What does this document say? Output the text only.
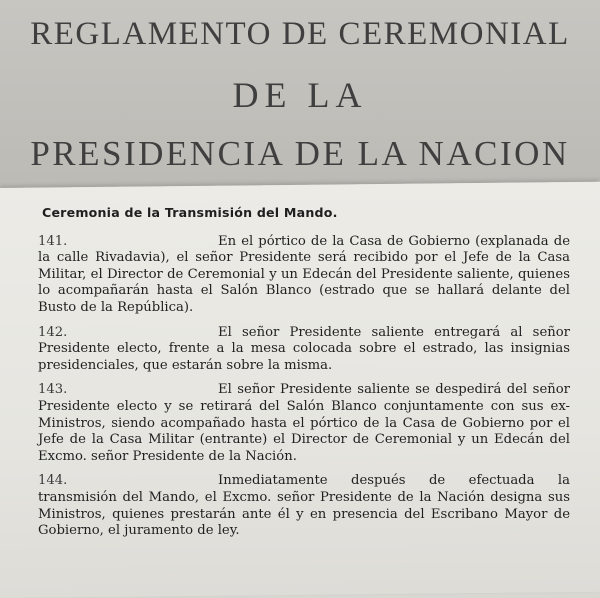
REGLAMENTO DE CEREMONIAL
DE LA
PRESIDENCIA DE LA NACION
Ceremonia de la Transmisión del Mando.
141.	En el pórtico de la Casa de Gobierno (explanada de la calle Rivadavia), el señor Presidente será recibido por el Jefe de la Casa Militar, el Director de Ceremonial y un Edecán del Presidente saliente, quienes lo acompañarán hasta el Salón Blanco (estrado que se hallará delante del Busto de la República).
142.	El señor Presidente saliente entregará al señor Presidente electo, frente a la mesa colocada sobre el estrado, las insignias presidenciales, que estarán sobre la misma.
143.	El señor Presidente saliente se despedirá del señor Presidente electo y se retirará del Salón Blanco conjuntamente con sus ex-Ministros, siendo acompañado hasta el pórtico de la Casa de Gobierno por el Jefe de la Casa Militar (entrante) el Director de Ceremonial y un Edecán del Excmo. señor Presidente de la Nación.
144.	Inmediatamente después de efectuada la transmisión del Mando, el Excmo. señor Presidente de la Nación designa sus Ministros, quienes prestarán ante él y en presencia del Escribano Mayor de Gobierno, el juramento de ley.
